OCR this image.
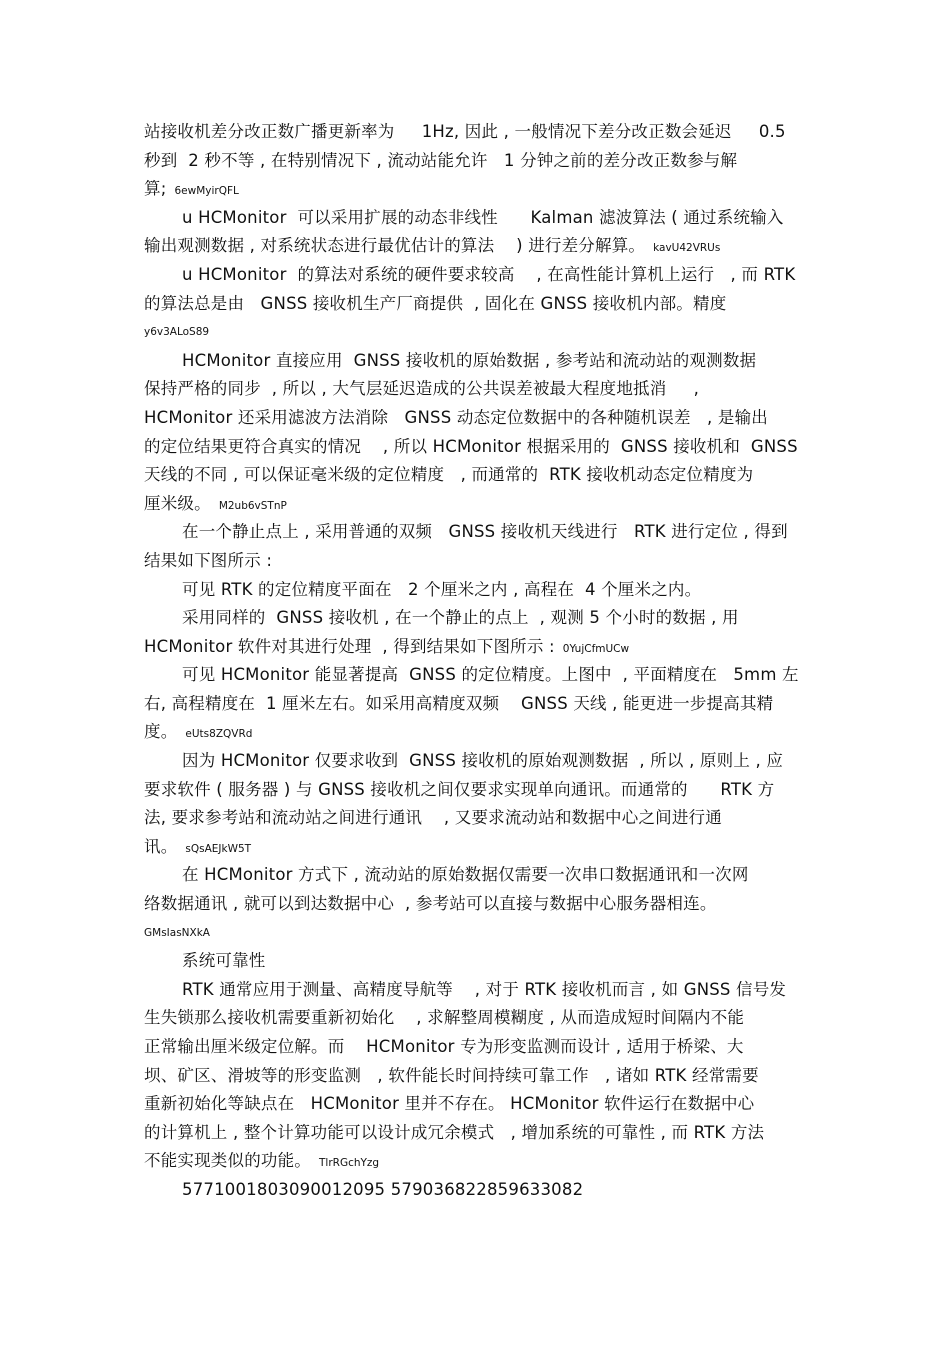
站接收机差分改正数广播更新率为     1Hz, 因此 , 一般情况下差分改正数会延迟     0.5
秒到  2 秒不等 , 在特别情况下 , 流动站能允许   1 分钟之前的差分改正数参与解
算; 6ewMyirQFL
u HCMonitor  可以采用扩展的动态非线性      Kalman 滤波算法 ( 通过系统输入
输出观测数据 , 对系统状态进行最优估计的算法    ) 进行差分解算。 kavU42VRUs
u HCMonitor  的算法对系统的硬件要求较高    , 在高性能计算机上运行   , 而 RTK
的算法总是由   GNSS 接收机生产厂商提供  , 固化在 GNSS 接收机内部。精度
y6v3ALoS89
HCMonitor 直接应用  GNSS 接收机的原始数据 , 参考站和流动站的观测数据
保持严格的同步  , 所以 , 大气层延迟造成的公共误差被最大程度地抵消     ,
HCMonitor 还采用滤波方法消除   GNSS 动态定位数据中的各种随机误差   , 是输出
的定位结果更符合真实的情况    , 所以 HCMonitor 根据采用的  GNSS 接收机和  GNSS
天线的不同 , 可以保证毫米级的定位精度   , 而通常的  RTK 接收机动态定位精度为
厘米级。 M2ub6vSTnP
在一个静止点上 , 采用普通的双频   GNSS 接收机天线进行   RTK 进行定位 , 得到
结果如下图所示 :
可见 RTK 的定位精度平面在   2 个厘米之内 , 高程在  4 个厘米之内。
采用同样的  GNSS 接收机 , 在一个静止的点上  , 观测 5 个小时的数据 , 用
HCMonitor 软件对其进行处理  , 得到结果如下图所示 : 0YujCfmUCw
可见 HCMonitor 能显著提高  GNSS 的定位精度。上图中  , 平面精度在   5mm 左
右, 高程精度在  1 厘米左右。如采用高精度双频    GNSS 天线 , 能更进一步提高其精
度。 eUts8ZQVRd
因为 HCMonitor 仅要求收到  GNSS 接收机的原始观测数据  , 所以 , 原则上 , 应
要求软件 ( 服务器 ) 与 GNSS 接收机之间仅要求实现单向通讯。而通常的      RTK 方
法, 要求参考站和流动站之间进行通讯    , 又要求流动站和数据中心之间进行通
讯。 sQsAEJkW5T
在 HCMonitor 方式下 , 流动站的原始数据仅需要一次串口数据通讯和一次网
络数据通讯 , 就可以到达数据中心  , 参考站可以直接与数据中心服务器相连。
GMsIasNXkA
系统可靠性
RTK 通常应用于测量、高精度导航等    , 对于 RTK 接收机而言 , 如 GNSS 信号发
生失锁那么接收机需要重新初始化    , 求解整周模糊度 , 从而造成短时间隔内不能
正常输出厘米级定位解。而    HCMonitor 专为形变监测而设计 , 适用于桥梁、大
坝、矿区、滑坡等的形变监测   , 软件能长时间持续可靠工作   , 诸如 RTK 经常需要
重新初始化等缺点在   HCMonitor 里并不存在。 HCMonitor 软件运行在数据中心
的计算机上 , 整个计算功能可以设计成冗余模式   , 增加系统的可靠性 , 而 RTK 方法
不能实现类似的功能。 TlrRGchYzg
5771001803090012095 579036822859633082
